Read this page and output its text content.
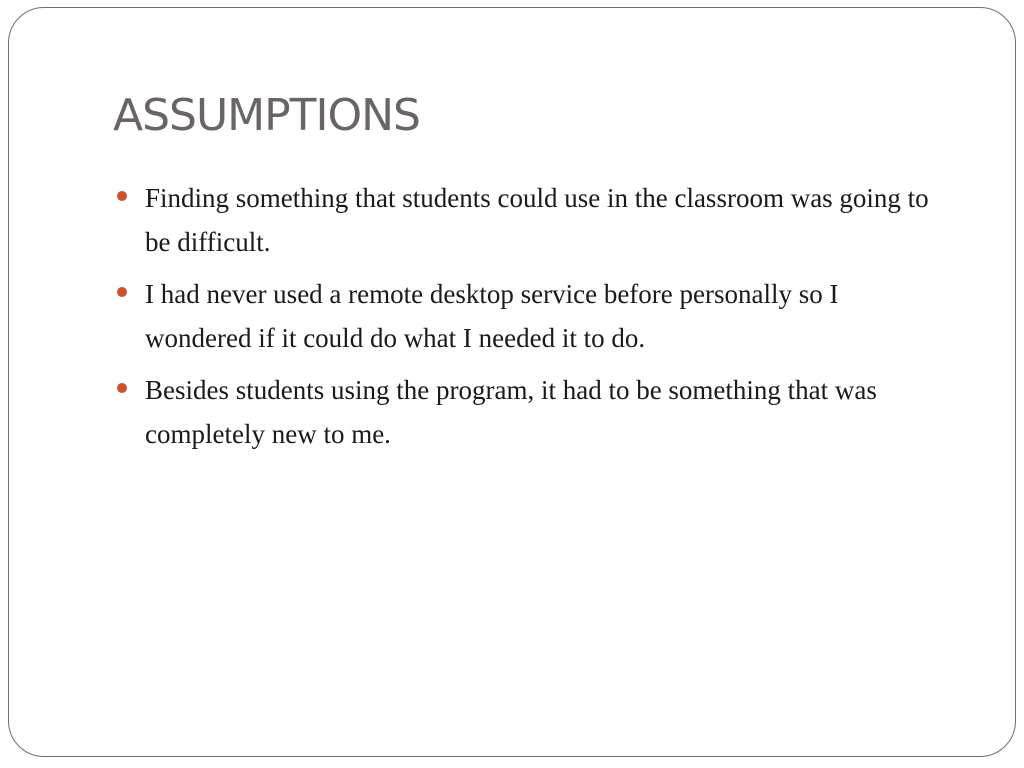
ASSUMPTIONS
Finding something that students could use in the classroom was going to be difficult.
I had never used a remote desktop service before personally so I wondered if it could do what I needed it to do.
Besides students using the program, it had to be something that was completely new to me.
